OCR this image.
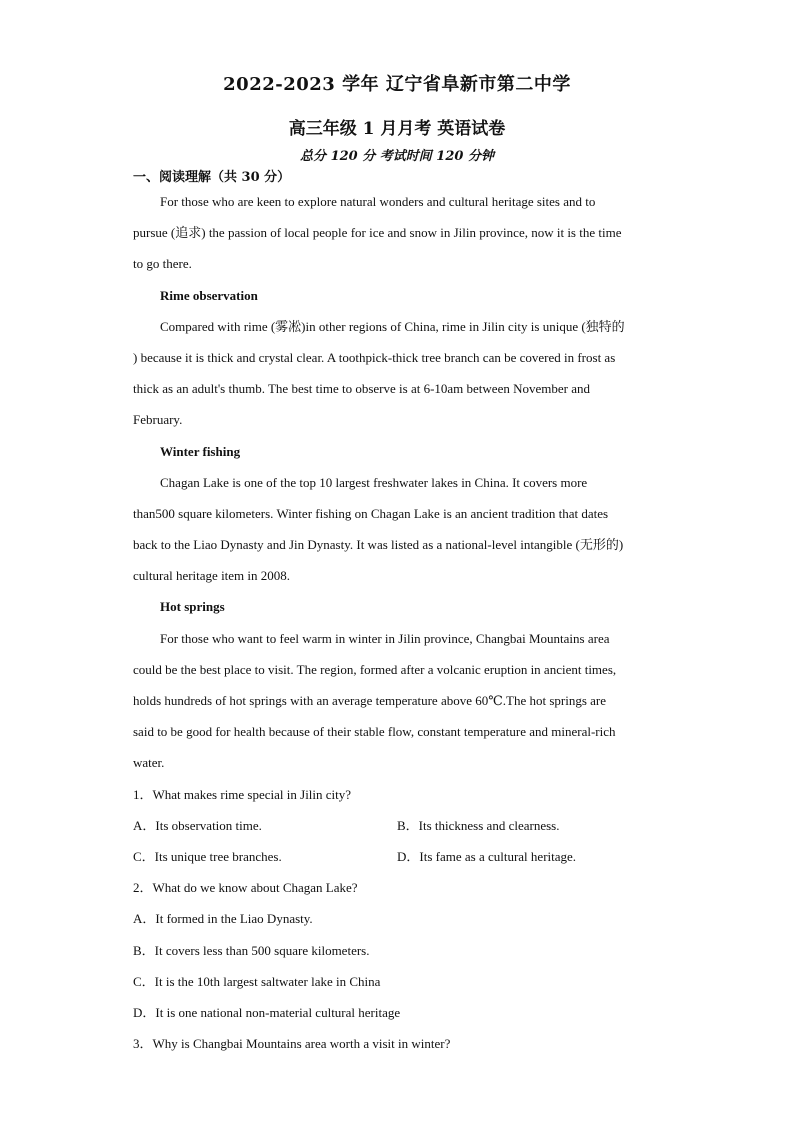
2022-2023 学年 辽宁省阜新市第二中学
高三年级 1 月月考 英语试卷
总分 120 分 考试时间 120 分钟
一、阅读理解（共 30 分）
For those who are keen to explore natural wonders and cultural heritage sites and to
pursue (追求) the passion of local people for ice and snow in Jilin province, now it is the time
to go there.
Rime observation
Compared with rime (雾凇)in other regions of China, rime in Jilin city is unique (独特的
) because it is thick and crystal clear. A toothpick-thick tree branch can be covered in frost as
thick as an adult's thumb. The best time to observe is at 6-10am between November and
February.
Winter fishing
Chagan Lake is one of the top 10 largest freshwater lakes in China. It covers more
than500 square kilometers. Winter fishing on Chagan Lake is an ancient tradition that dates
back to the Liao Dynasty and Jin Dynasty. It was listed as a national-level intangible (无形的)
cultural heritage item in 2008.
Hot springs
For those who want to feel warm in winter in Jilin province, Changbai Mountains area
could be the best place to visit. The region, formed after a volcanic eruption in ancient times,
holds hundreds of hot springs with an average temperature above 60℃.The hot springs are
said to be good for health because of their stable flow, constant temperature and mineral-rich
water.
1．What makes rime special in Jilin city?
A．Its observation time.	B．Its thickness and clearness.
C．Its unique tree branches.	D．Its fame as a cultural heritage.
2．What do we know about Chagan Lake?
A．It formed in the Liao Dynasty.
B．It covers less than 500 square kilometers.
C．It is the 10th largest saltwater lake in China
D．It is one national non-material cultural heritage
3．Why is Changbai Mountains area worth a visit in winter?
